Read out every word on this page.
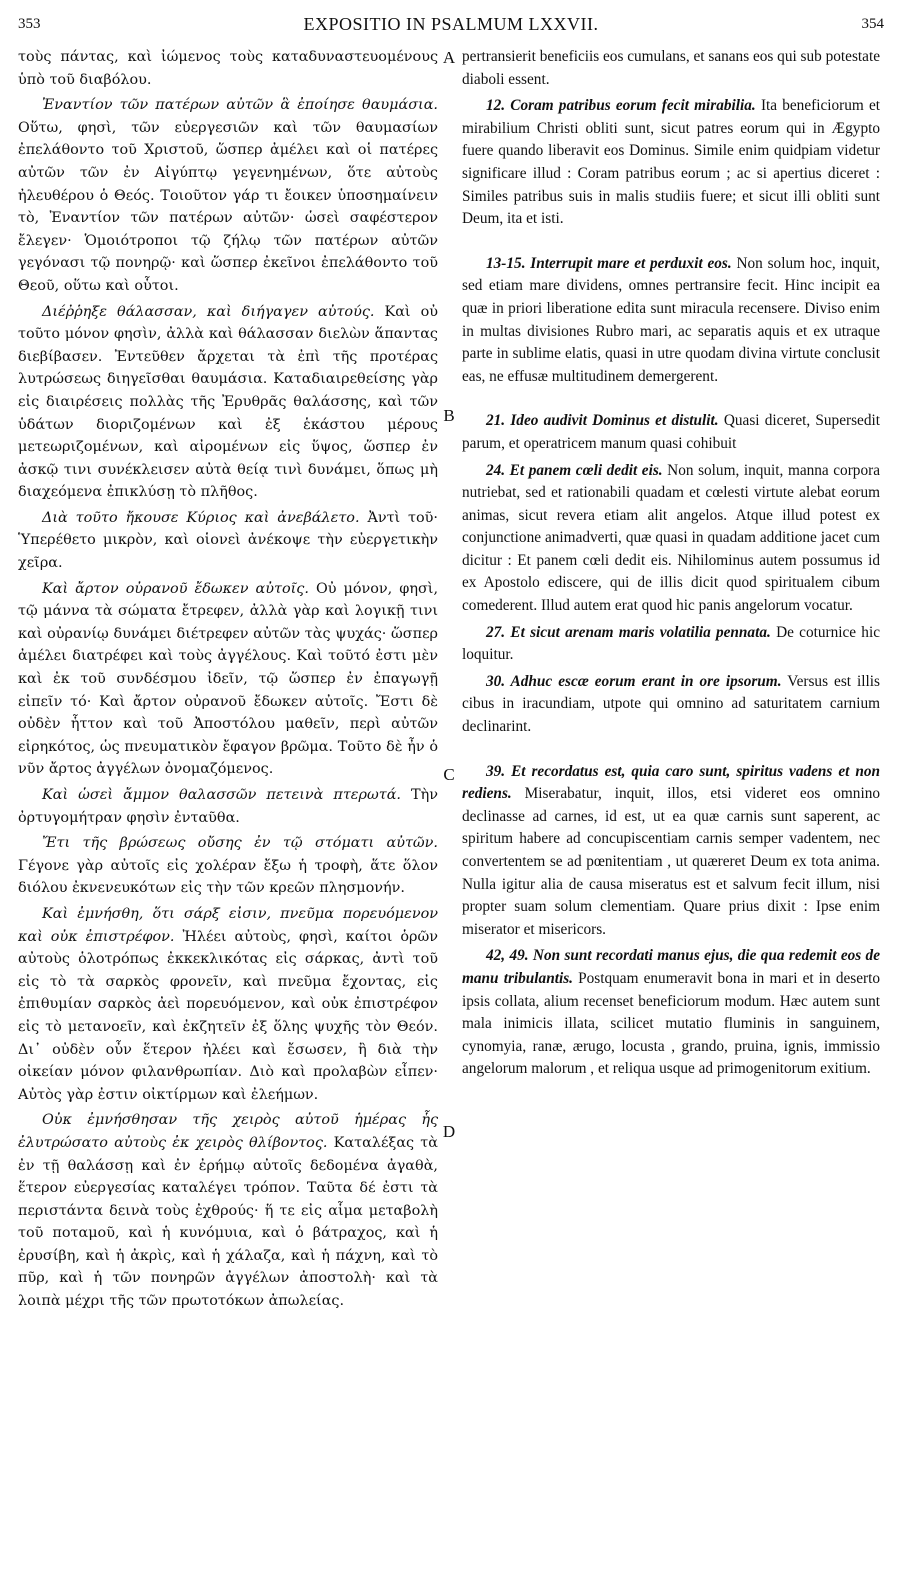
353	EXPOSITIO IN PSALMUM LXXVII.	354

τοὺς πάντας, καὶ ἰώμενος τοὺς καταδυναστευομένους ὑπὸ τοῦ διαβόλου.

Ἐναντίον τῶν πατέρων αὐτῶν ἃ ἐποίησε θαυμάσια. Οὕτω, φησὶ, τῶν εὐεργεσιῶν καὶ τῶν θαυμασίων ἐπελάθοντο τοῦ Χριστοῦ, ὥσπερ ἀμέλει καὶ οἱ πατέρες αὐτῶν τῶν ἐν Αἰγύπτῳ γεγενημένων, ὅτε αὐτοὺς ἠλευθέρου ὁ Θεός. Τοιοῦτον γάρ τι ἔοικεν ὑποσημαίνειν τὸ, Ἐναντίον τῶν πατέρων αὐτῶν· ὡσεὶ σαφέστερον ἔλεγεν· Ὁμοιότροποι τῷ ζήλῳ τῶν πατέρων αὐτῶν γεγόνασι τῷ πονηρῷ· καὶ ὥσπερ ἐκεῖνοι ἐπελάθοντο τοῦ Θεοῦ, οὕτω καὶ οὗτοι.

Διέῤῥηξε θάλασσαν, καὶ διήγαγεν αὐτούς. Καὶ οὐ τοῦτο μόνον φησὶν, ἀλλὰ καὶ θάλασσαν διελὼν ἅπαντας διεβίβασεν. Ἐντεῦθεν ἄρχεται τὰ ἐπὶ τῆς προτέρας λυτρώσεως διηγεῖσθαι θαυμάσια. Καταδιαιρεθείσης γὰρ εἰς διαιρέσεις πολλὰς τῆς Ἐρυθρᾶς θαλάσσης, καὶ τῶν ὑδάτων διοριζομένων καὶ ἐξ ἑκάστου μέρους μετεωριζομένων, καὶ αἰρομένων εἰς ὕψος, ὥσπερ ἐν ἀσκῷ τινι συνέκλεισεν αὐτὰ θείᾳ τινὶ δυνάμει, ὅπως μὴ διαχεόμενα ἐπικλύσῃ τὸ πλῆθος.

Διὰ τοῦτο ἤκουσε Κύριος καὶ ἀνεβάλετο. Ἀντὶ τοῦ· Ὑπερέθετο μικρὸν, καὶ οἱονεὶ ἀνέκοψε τὴν εὐεργετικὴν χεῖρα.

Καὶ ἄρτον οὐρανοῦ ἔδωκεν αὐτοῖς. Οὐ μόνον, φησὶ, τῷ μάννα τὰ σώματα ἔτρεφεν, ἀλλὰ γὰρ καὶ λογικῇ τινι καὶ οὐρανίῳ δυνάμει διέτρεφεν αὐτῶν τὰς ψυχάς· ὥσπερ ἀμέλει διατρέφει καὶ τοὺς ἀγγέλους. Καὶ τοῦτό ἐστι μὲν καὶ ἐκ τοῦ συνδέσμου ἰδεῖν, τῷ ὥσπερ ἐν ἐπαγωγῇ εἰπεῖν τό· Καὶ ἄρτον οὐρανοῦ ἔδωκεν αὐτοῖς. Ἔστι δὲ οὐδὲν ἧττον καὶ τοῦ Ἀποστόλου μαθεῖν, περὶ αὐτῶν εἰρηκότος, ὡς πνευματικὸν ἔφαγον βρῶμα. Τοῦτο δὲ ἦν ὁ νῦν ἄρτος ἀγγέλων ὀνομαζόμενος.

Καὶ ὡσεὶ ἄμμον θαλασσῶν πετεινὰ πτερωτά. Τὴν ὀρτυγομήτραν φησὶν ἐνταῦθα.

Ἔτι τῆς βρώσεως οὔσης ἐν τῷ στόματι αὐτῶν. Γέγονε γὰρ αὐτοῖς εἰς χολέραν ἔξω ἡ τροφὴ, ἅτε ὅλον διόλου ἐκνενευκότων εἰς τὴν τῶν κρεῶν πλησμονήν.

Καὶ ἐμνήσθη, ὅτι σάρξ εἰσιν, πνεῦμα πορευόμενον καὶ οὐκ ἐπιστρέφον. Ἠλέει αὐτοὺς, φησὶ, καίτοι ὁρῶν αὐτοὺς ὁλοτρόπως ἐκκεκλικότας εἰς σάρκας, ἀντὶ τοῦ εἰς τὸ τὰ σαρκὸς φρονεῖν, καὶ πνεῦμα ἔχοντας, εἰς ἐπιθυμίαν σαρκὸς ἀεὶ πορευόμενον, καὶ οὐκ ἐπιστρέφον εἰς τὸ μετανοεῖν, καὶ ἐκζητεῖν ἐξ ὅλης ψυχῆς τὸν Θεόν. Δι᾽ οὐδὲν οὖν ἕτερον ἠλέει καὶ ἔσωσεν, ἢ διὰ τὴν οἰκείαν μόνον φιλανθρωπίαν. Διὸ καὶ προλαβὼν εἶπεν· Αὐτὸς γὰρ ἐστιν οἰκτίρμων καὶ ἐλεήμων.

Οὐκ ἐμνήσθησαν τῆς χειρὸς αὐτοῦ ἡμέρας ἧς ἐλυτρώσατο αὐτοὺς ἐκ χειρὸς θλίβοντος. Καταλέξας τὰ ἐν τῇ θαλάσσῃ καὶ ἐν ἐρήμῳ αὐτοῖς δεδομένα ἀγαθὰ, ἕτερον εὐεργεσίας καταλέγει τρόπον. Ταῦτα δέ ἐστι τὰ περιστάντα δεινὰ τοὺς ἐχθρούς· ἥ τε εἰς αἷμα μεταβολὴ τοῦ ποταμοῦ, καὶ ἡ κυνόμυια, καὶ ὁ βάτραχος, καὶ ἡ ἐρυσίβη, καὶ ἡ ἀκρὶς, καὶ ἡ χάλαζα, καὶ ἡ πάχνη, καὶ τὸ πῦρ, καὶ ἡ τῶν πονηρῶν ἀγγέλων ἀποστολὴ· καὶ τὰ λοιπὰ μέχρι τῆς τῶν πρωτοτόκων ἀπωλείας.

A
B
C
D

pertransierit beneficiis eos cumulans, et sanans eos qui sub potestate diaboli essent.

12. Coram patribus eorum fecit mirabilia. Ita beneficiorum et mirabilium Christi obliti sunt, sicut patres eorum qui in Ægypto fuere quando liberavit eos Dominus. Simile enim quidpiam videtur significare illud : Coram patribus eorum ; ac si apertius diceret : Similes patribus suis in malis studiis fuere; et sicut illi obliti sunt Deum, ita et isti.

13-15. Interrupit mare et perduxit eos. Non solum hoc, inquit, sed etiam mare dividens, omnes pertransire fecit. Hinc incipit ea quæ in priori liberatione edita sunt miracula recensere. Diviso enim in multas divisiones Rubro mari, ac separatis aquis et ex utraque parte in sublime elatis, quasi in utre quodam divina virtute conclusit eas, ne effusæ multitudinem demergerent.

21. Ideo audivit Dominus et distulit. Quasi diceret, Supersedit parum, et operatricem manum quasi cohibuit

24. Et panem cœli dedit eis. Non solum, inquit, manna corpora nutriebat, sed et rationabili quadam et cœlesti virtute alebat eorum animas, sicut revera etiam alit angelos. Atque illud potest ex conjunctione animadverti, quæ quasi in quadam additione jacet cum dicitur : Et panem cœli dedit eis. Nihilominus autem possumus id ex Apostolo ediscere, qui de illis dicit quod spiritualem cibum comederent. Illud autem erat quod hic panis angelorum vocatur.

27. Et sicut arenam maris volatilia pennata. De coturnice hic loquitur.

30. Adhuc escæ eorum erant in ore ipsorum. Versus est illis cibus in iracundiam, utpote qui omnino ad saturitatem carnium declinarint.

39. Et recordatus est, quia caro sunt, spiritus vadens et non rediens. Miserabatur, inquit, illos, etsi videret eos omnino declinasse ad carnes, id est, ut ea quæ carnis sunt saperent, ac spiritum habere ad concupiscentiam carnis semper vadentem, nec convertentem se ad pœnitentiam , ut quæreret Deum ex tota anima. Nulla igitur alia de causa miseratus est et salvum fecit illum, nisi propter suam solum clementiam. Quare prius dixit : Ipse enim miserator et misericors.

42, 49. Non sunt recordati manus ejus, die qua redemit eos de manu tribulantis. Postquam enumeravit bona in mari et in deserto ipsis collata, alium recenset beneficiorum modum. Hæc autem sunt mala inimicis illata, scilicet mutatio fluminis in sanguinem, cynomyia, ranæ, ærugo, locusta , grando, pruina, ignis, immissio angelorum malorum , et reliqua usque ad primogenitorum exitium.
